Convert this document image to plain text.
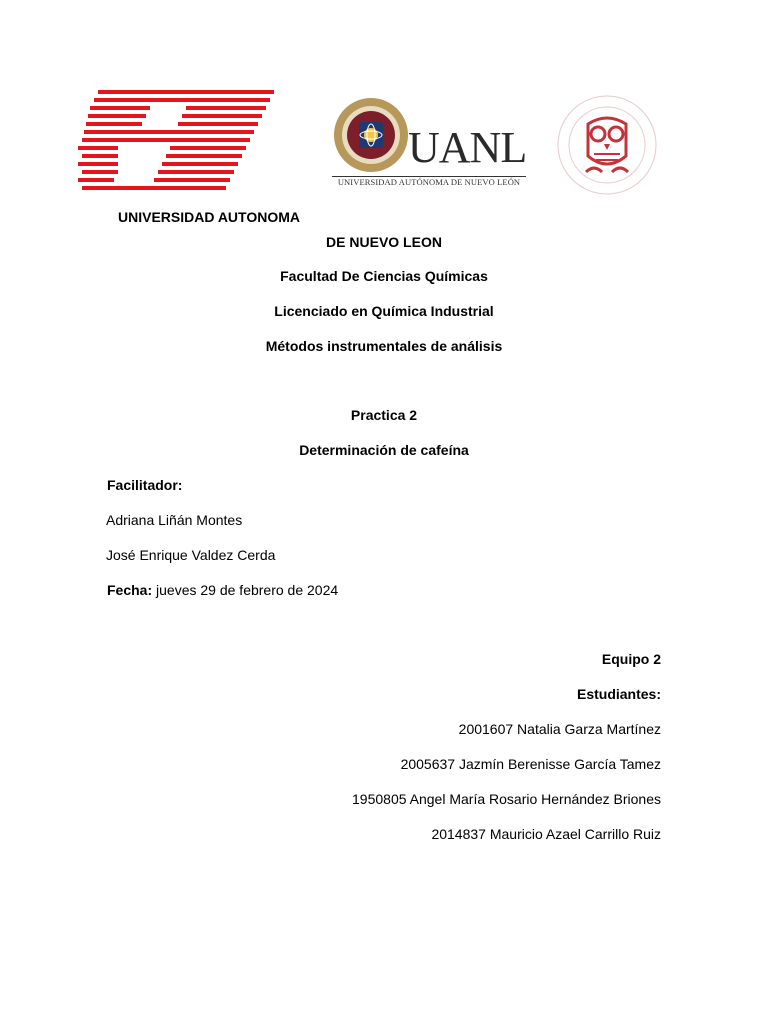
UANL
UNIVERSIDAD AUTÓNOMA DE NUEVO LEÓN
UNIVERSIDAD AUTONOMA
DE NUEVO LEON
Facultad De Ciencias Químicas
Licenciado en Química Industrial
Métodos instrumentales de análisis
Practica 2
Determinación de cafeína
Facilitador:
Adriana Liñán Montes
José Enrique Valdez Cerda
Fecha: jueves 29 de febrero de 2024
Equipo 2
Estudiantes:
2001607 Natalia Garza Martínez
2005637 Jazmín Berenisse García Tamez
1950805 Angel María Rosario Hernández Briones
2014837 Mauricio Azael Carrillo Ruiz
